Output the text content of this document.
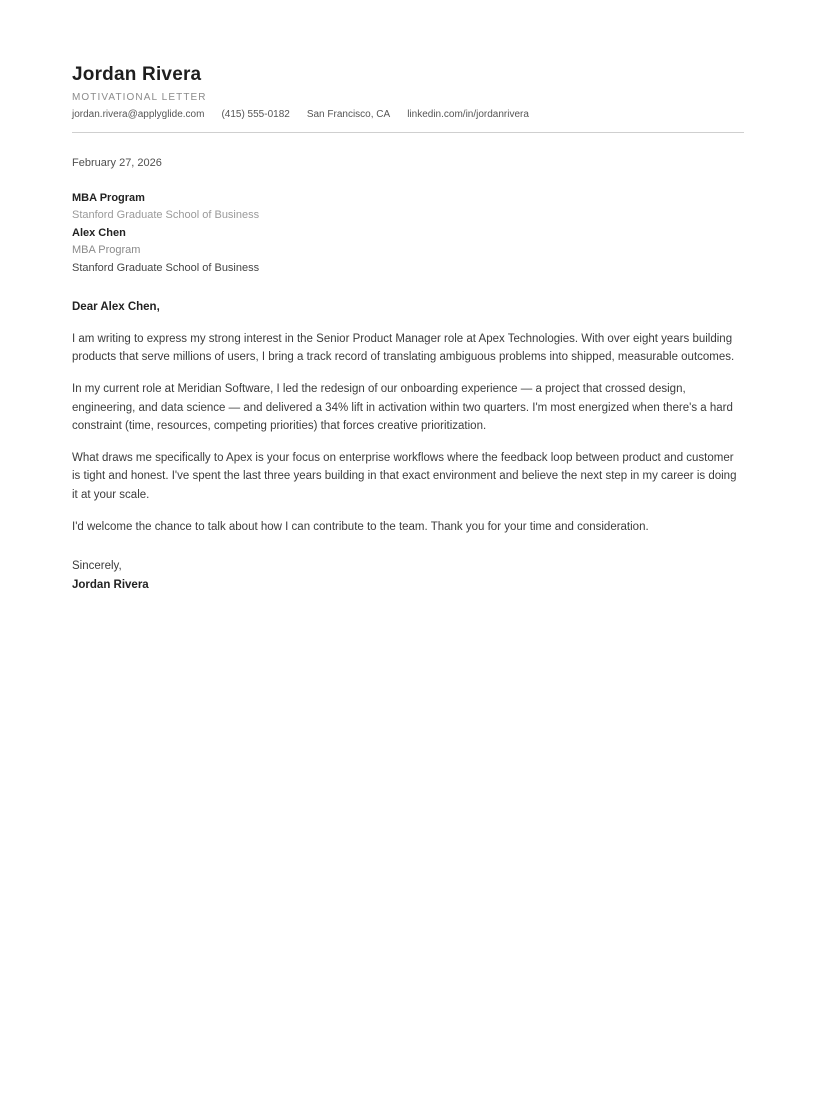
Jordan Rivera
MOTIVATIONAL LETTER
jordan.rivera@applyglide.com (415) 555-0182 San Francisco, CA linkedin.com/in/jordanrivera

February 27, 2026

MBA Program
Stanford Graduate School of Business
Alex Chen
MBA Program
Stanford Graduate School of Business

Dear Alex Chen,

I am writing to express my strong interest in the Senior Product Manager role at Apex Technologies. With over eight years building products that serve millions of users, I bring a track record of translating ambiguous problems into shipped, measurable outcomes.

In my current role at Meridian Software, I led the redesign of our onboarding experience — a project that crossed design, engineering, and data science — and delivered a 34% lift in activation within two quarters. I'm most energized when there's a hard constraint (time, resources, competing priorities) that forces creative prioritization.

What draws me specifically to Apex is your focus on enterprise workflows where the feedback loop between product and customer is tight and honest. I've spent the last three years building in that exact environment and believe the next step in my career is doing it at your scale.

I'd welcome the chance to talk about how I can contribute to the team. Thank you for your time and consideration.

Sincerely,

Jordan Rivera
